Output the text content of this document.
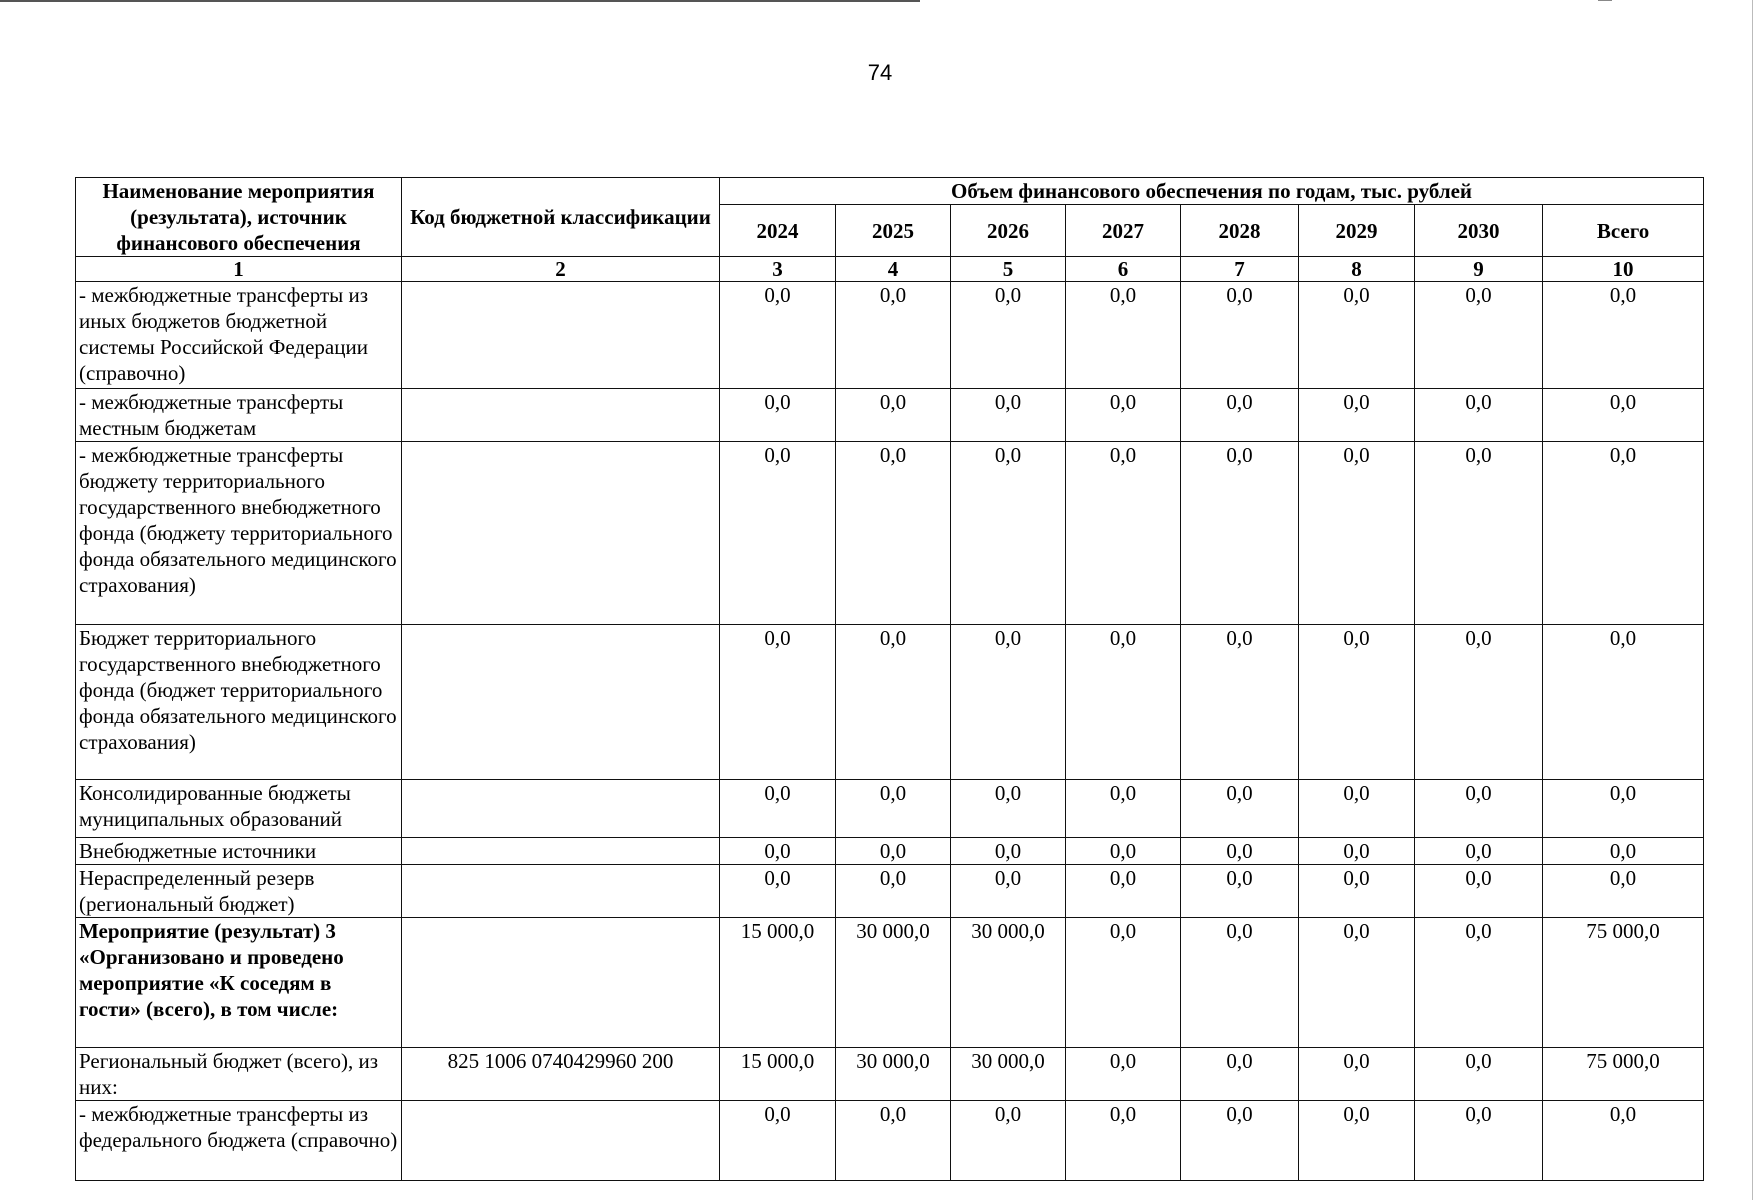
74
Наименование мероприятия (результата), источник финансового обеспечения	Код бюджетной классификации	Объем финансового обеспечения по годам, тыс. рублей							
		2024	2025	2026	2027	2028	2029	2030	Всего
1	2	3	4	5	6	7	8	9	10
- межбюджетные трансферты из иных бюджетов бюджетной системы Российской Федерации (справочно)		0,0	0,0	0,0	0,0	0,0	0,0	0,0	0,0
- межбюджетные трансферты местным бюджетам		0,0	0,0	0,0	0,0	0,0	0,0	0,0	0,0
- межбюджетные трансферты бюджету территориального государственного внебюджетного фонда (бюджету территориального фонда обязательного медицинского страхования)		0,0	0,0	0,0	0,0	0,0	0,0	0,0	0,0
Бюджет территориального государственного внебюджетного фонда (бюджет территориального фонда обязательного медицинского страхования)		0,0	0,0	0,0	0,0	0,0	0,0	0,0	0,0
Консолидированные бюджеты муниципальных образований		0,0	0,0	0,0	0,0	0,0	0,0	0,0	0,0
Внебюджетные источники		0,0	0,0	0,0	0,0	0,0	0,0	0,0	0,0
Нераспределенный резерв (региональный бюджет)		0,0	0,0	0,0	0,0	0,0	0,0	0,0	0,0
Мероприятие (результат) 3 «Организовано и проведено мероприятие «К соседям в гости» (всего), в том числе:		15 000,0	30 000,0	30 000,0	0,0	0,0	0,0	0,0	75 000,0
Региональный бюджет (всего), из них:	825 1006 0740429960 200	15 000,0	30 000,0	30 000,0	0,0	0,0	0,0	0,0	75 000,0
- межбюджетные трансферты из федерального бюджета (справочно)		0,0	0,0	0,0	0,0	0,0	0,0	0,0	0,0
